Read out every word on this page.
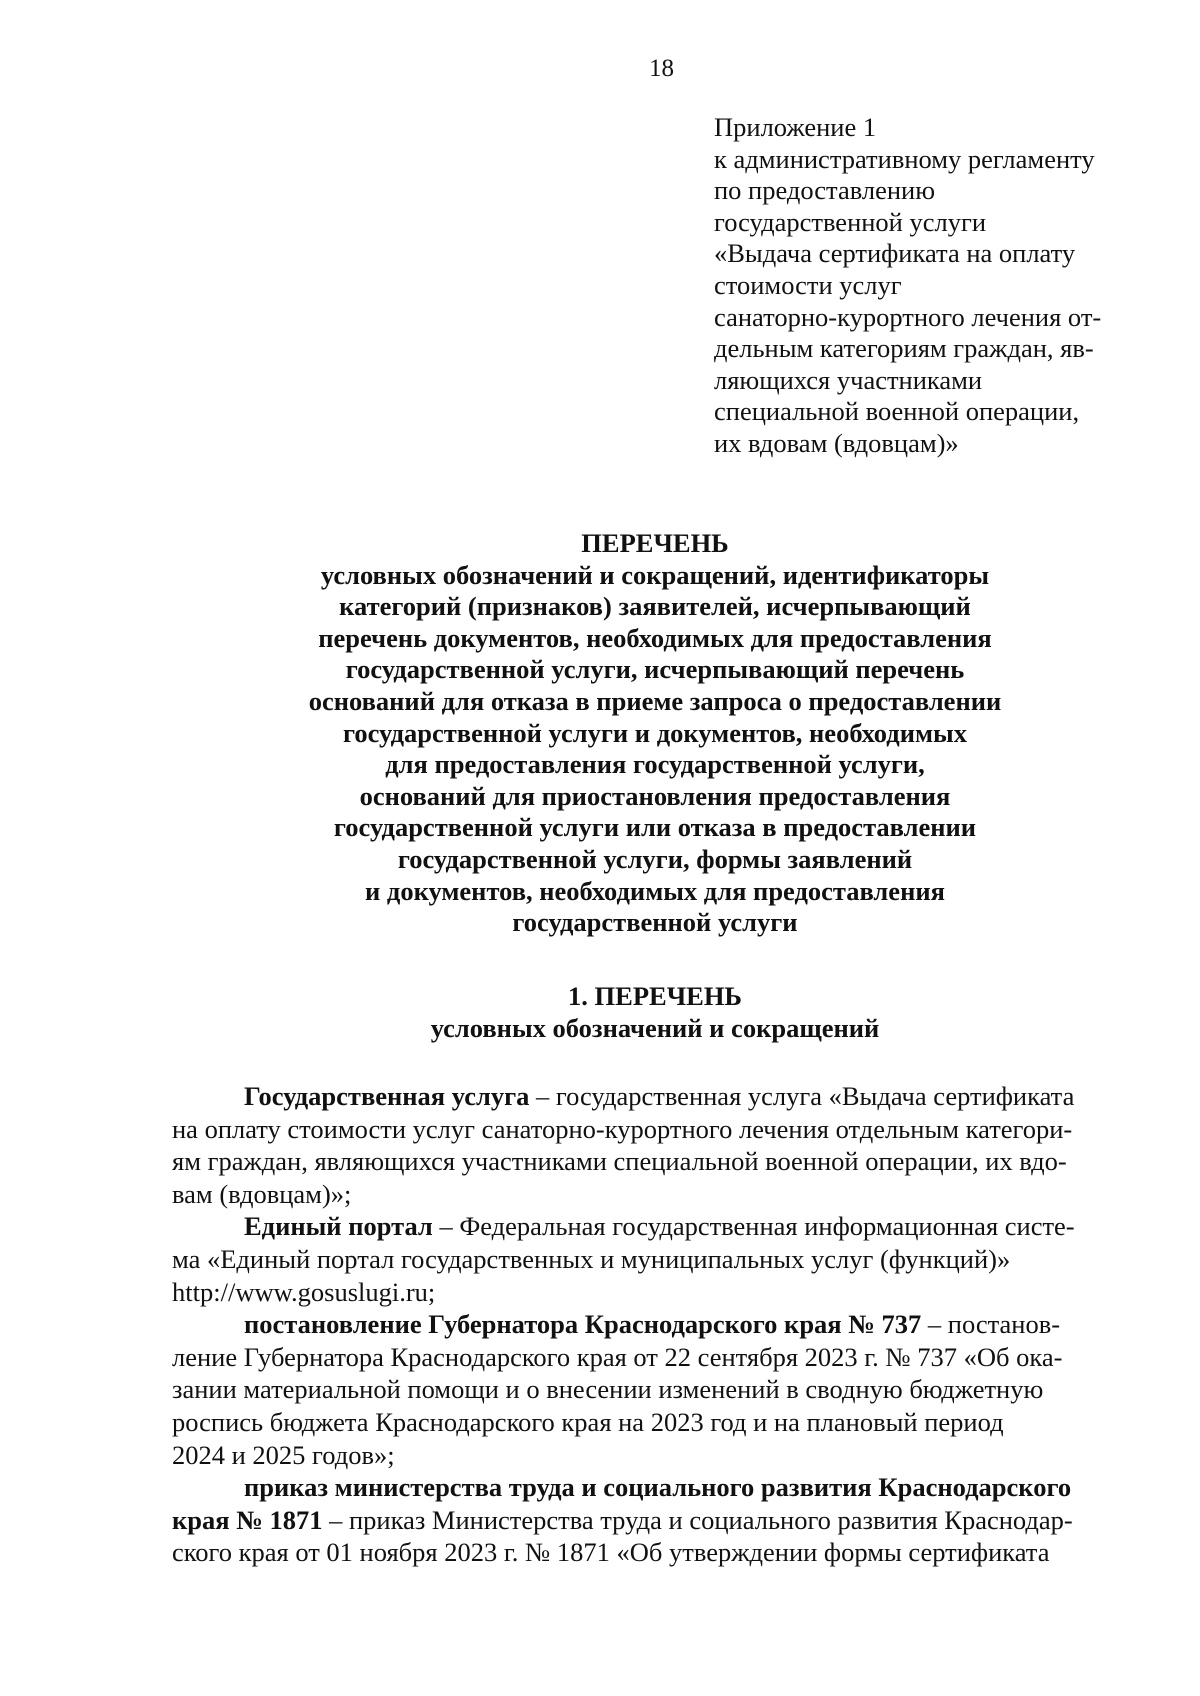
18
Приложение 1
к административному регламенту
по предоставлению
государственной услуги
«Выдача сертификата на оплату
стоимости услуг
санаторно-курортного лечения от-
дельным категориям граждан, яв-
ляющихся участниками
специальной военной операции,
их вдовам (вдовцам)»
ПЕРЕЧЕНЬ
условных обозначений и сокращений, идентификаторы
категорий (признаков) заявителей, исчерпывающий
перечень документов, необходимых для предоставления
государственной услуги, исчерпывающий перечень
оснований для отказа в приеме запроса о предоставлении
государственной услуги и документов, необходимых
для предоставления государственной услуги,
оснований для приостановления предоставления
государственной услуги или отказа в предоставлении
государственной услуги, формы заявлений
и документов, необходимых для предоставления
государственной услуги
1. ПЕРЕЧЕНЬ
условных обозначений и сокращений
Государственная услуга – государственная услуга «Выдача сертификата
на оплату стоимости услуг санаторно-курортного лечения отдельным категори-
ям граждан, являющихся участниками специальной военной операции, их вдо-
вам (вдовцам)»;
Единый портал – Федеральная государственная информационная систе-
ма «Единый портал государственных и муниципальных услуг (функций)»
http://www.gosuslugi.ru;
постановление Губернатора Краснодарского края № 737 – постанов-
ление Губернатора Краснодарского края от 22 сентября 2023 г. № 737 «Об ока-
зании материальной помощи и о внесении изменений в сводную бюджетную
роспись бюджета Краснодарского края на 2023 год и на плановый период
2024 и 2025 годов»;
приказ министерства труда и социального развития Краснодарского
края № 1871 – приказ Министерства труда и социального развития Краснодар-
ского края от 01 ноября 2023 г. № 1871 «Об утверждении формы сертификата
